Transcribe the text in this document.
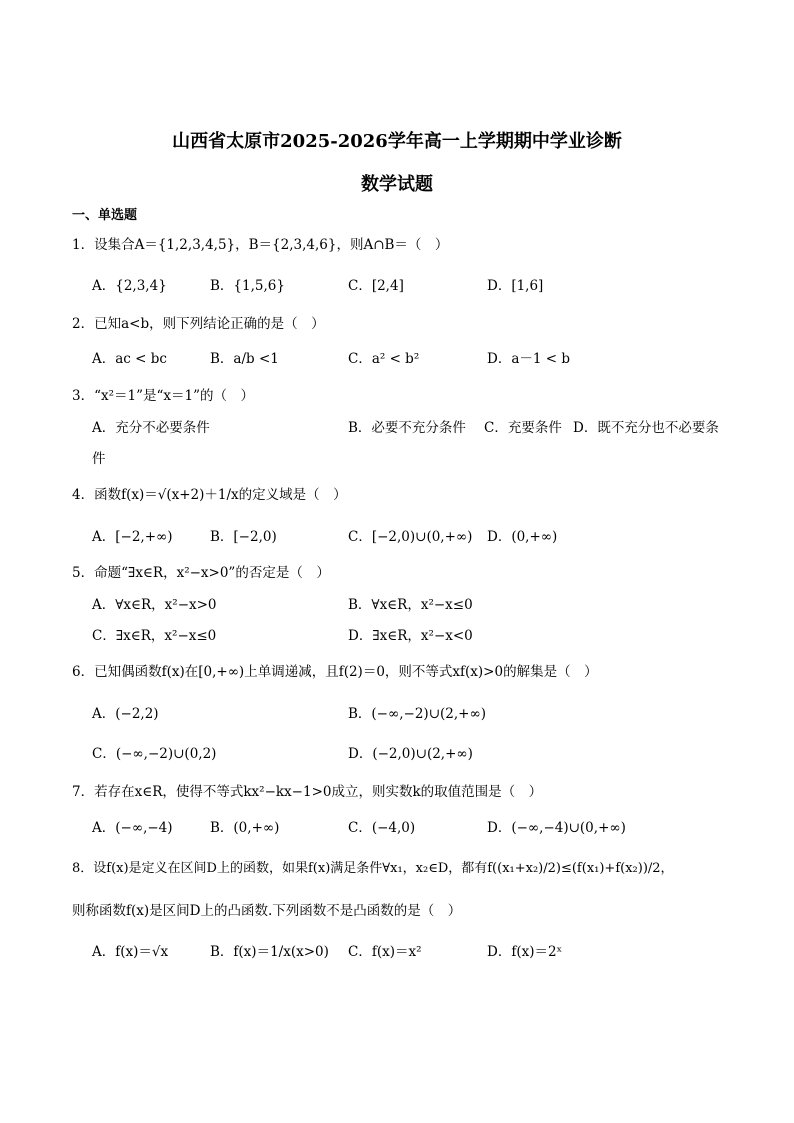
山西省太原市2025-2026学年高一上学期期中学业诊断
数学试题
一、单选题
1．设集合A＝{1,2,3,4,5}，B＝{2,3,4,6}，则A∩B＝（　）
A．{2,3,4}	B．{1,5,6}	C．[2,4]	D．[1,6]
2．已知a<b，则下列结论正确的是（　）
A．ac < bc	B．a/b <1	C．a² < b²	D．a－1 < b
3．“x²＝1”是“x＝1”的（　）
A．充分不必要条件	B．必要不充分条件 C．充要条件 D．既不充分也不必要条
件
4．函数f(x)＝√(x+2)＋1/x的定义域是（　）
A．[−2,+∞)	B．[−2,0)	C．[−2,0)∪(0,+∞) D．(0,+∞)
5．命题“∃x∈R，x²−x>0”的否定是（　）
A．∀x∈R，x²−x>0	B．∀x∈R，x²−x≤0
C．∃x∈R，x²−x≤0	D．∃x∈R，x²−x<0
6．已知偶函数f(x)在[0,+∞)上单调递减，且f(2)＝0，则不等式xf(x)>0的解集是（　）
A．(−2,2)	B．(−∞,−2)∪(2,+∞)
C．(−∞,−2)∪(0,2)	D．(−2,0)∪(2,+∞)
7．若存在x∈R，使得不等式kx²−kx−1>0成立，则实数k的取值范围是（　）
A．(−∞,−4)	B．(0,+∞)	C．(−4,0)	D．(−∞,−4)∪(0,+∞)
8．设f(x)是定义在区间D上的函数，如果f(x)满足条件∀x₁，x₂∈D，都有f((x₁+x₂)/2)≤(f(x₁)+f(x₂))/2，
则称函数f(x)是区间D上的凸函数.下列函数不是凸函数的是（　）
A．f(x)＝√x	B．f(x)＝1/x(x>0) C．f(x)＝x²	D．f(x)＝2ˣ
